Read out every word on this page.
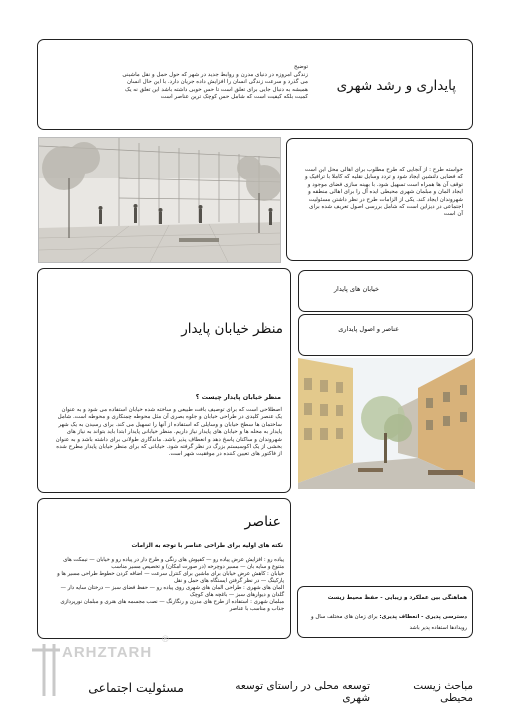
پایداری و رشد شهری
توضیح
زندگی امروزه در دنیای مدرن و روابط جدید در شهر که حول حمل و نقل ماشینی می گذرد و سرعت زندگی انسان را افزایش داده جریان دارد. با این حال انسان همیشه به دنبال جایی برای تعلق است تا حس خوبی داشته باشد این تعلق نه یک کمیت بلکه کیفیت است که شامل حس کوچک ترین عناصر است
خواسته طرح : از آنجایی که طرح مطلوب برای اهالی محل این است که فضایی دلنشین ایجاد شود و تردد وسایل نقلیه که کاملا با ترافیک و توقف آن ها همراه است تسهیل شود. با بهینه سازی فضای موجود و ایجاد المان و مبلمان شهری محیطی ایده آل را برای اهالی منطقه و شهروندان ایجاد کند. یکی از الزامات طرح در نظر داشتن مسئولیت اجتماعی در دیزاین است که شامل بررسی اصول تعریف شده برای آن است
منظر خیابان پایدار
منظر خیابان پایدار چیست ؟
اصطلاحی است که برای توصیف بافت طبیعی و ساخته شده خیابان استفاده می شود و به عنوان یک عنصر کلیدی در طراحی خیابان و جلوه بصری آن مثل محوطه چمنکاری و محوطه است. شامل ساختمان ها سطح خیابان و وسایلی که استفاده از آنها را تسهیل می کند. برای رسیدن به یک شهر پایدار به محله ها و خیابان های پایدار نیاز داریم. منظر خیابانی پایدار ابتدا باید بتواند به نیاز های شهروندان و ساکنان پاسخ دهد و انعطاف پذیر باشد. ماندگاری طولانی برای داشته باشد و به عنوان بخشی از یک اکوسیستم بزرگ در نظر گرفته شود. خیابانی که برای منظر خیابان پایدار مطرح شده از فاکتور های تعیین کننده در موفقیت شهر است.
خیابان های پایدار
عناصر و اصول پایداری
عناصر
نکته های اولیه برای طراحی عناصر با توجه به الزامات
پیاده رو : افزایش عرض پیاده رو — کفپوش های رنگی و طرح دار در پیاده رو و خیابان — نیمکت های متنوع و سایه بان — مسیر دوچرخه (در صورت امکان) و تخصیص مسیر مناسب
خیابان : کاهش عرض خیابان برای ماشین برای کنترل سرعت — اضافه کردن خطوط طراحی مسیر ها و پارکینگ — در نظر گرفتن ایستگاه های حمل و نقل
المان های شهری : طراحی المان های شهری روی پیاده رو — حفظ فضای سبز — درختان سایه دار — گلدان و دیوارهای سبز — باغچه های کوچک
مبلمان شهری : استفاده از طرح های مدرن و رنگارنگ — نصب مجسمه های هنری و مبلمان نورپردازی جذاب و مناسب با عناصر
هماهنگی بین عملکرد و زیبایی - حفظ محیط زیست
دسترسی پذیری - انعطاف پذیری: برای زمان های مختلف سال و
رویدادها استفاده پذیر باشد
ARHZTARH
®
مباحث زیست محیطی
توسعه محلی در راستای توسعه شهری
مسئولیت اجتماعی
